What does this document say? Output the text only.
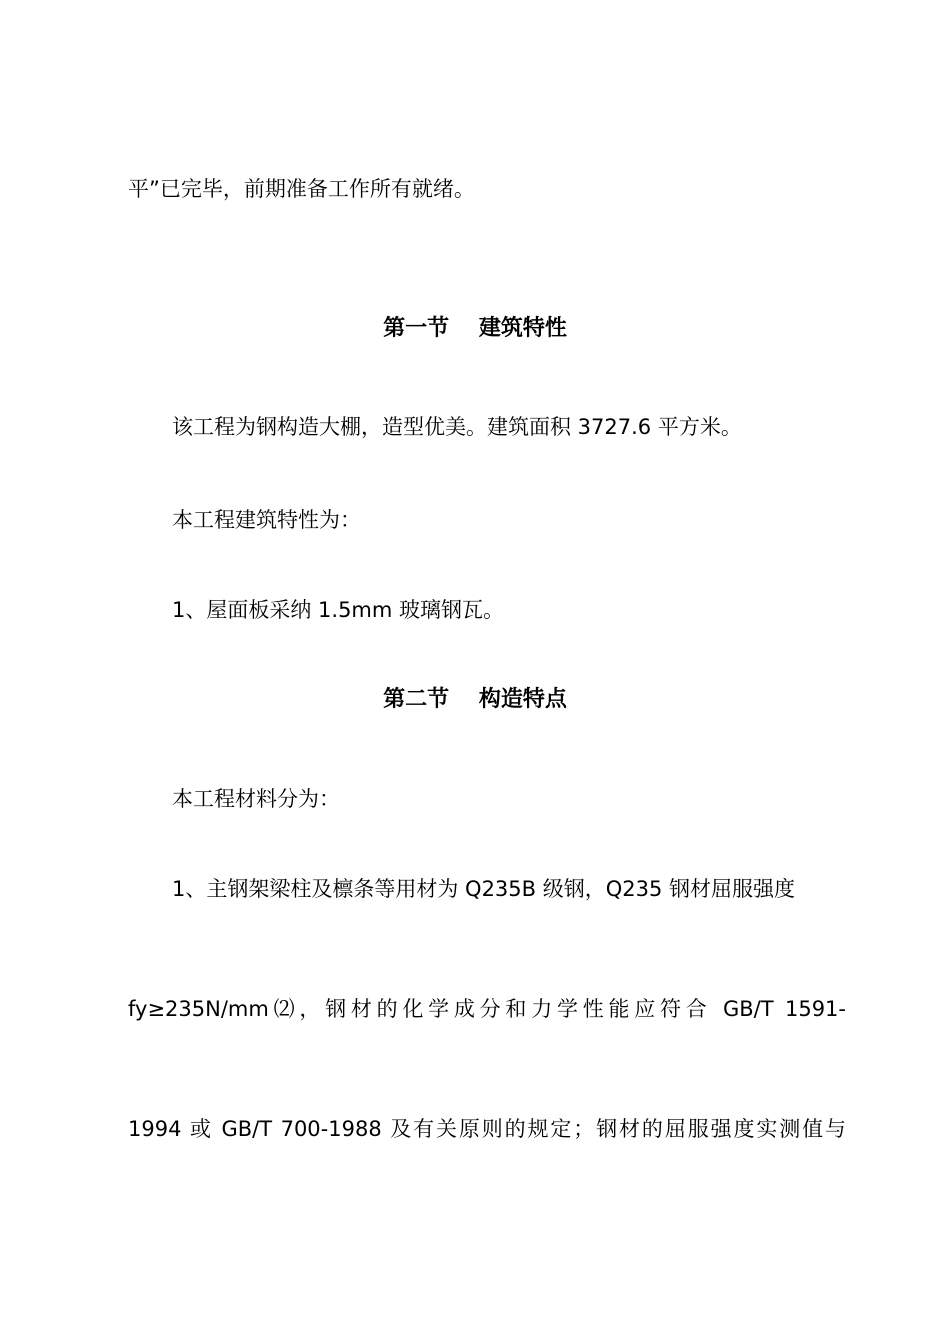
平”已完毕，前期准备工作所有就绪。
第一节　 建筑特性
该工程为钢构造大棚，造型优美。建筑面积 3727.6 平方米。
本工程建筑特性为：
1、屋面板采纳 1.5mm 玻璃钢瓦。
第二节　 构造特点
本工程材料分为：
1、主钢架梁柱及檩条等用材为 Q235B 级钢，Q235 钢材屈服强度
fy≥235N/mm⑵，钢材的化学成分和力学性能应符合 GB/T 1591-
1994 或 GB/T 700-1988 及有关原则的规定；钢材的屈服强度实测值与
